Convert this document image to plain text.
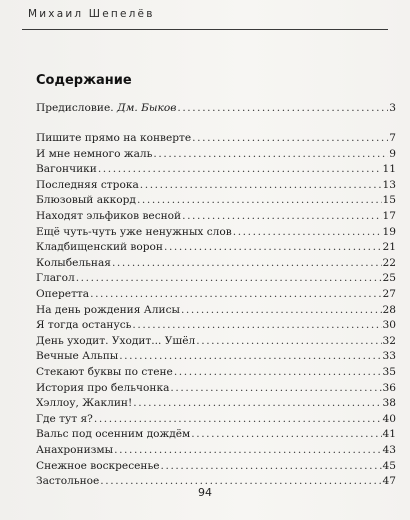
Михаил Шепелёв
Содержание
Предисловие. Дм. Быков .....	3
Пишите прямо на конверте .....	7
И мне немного жаль .....	9
Вагончики .....	11
Последняя строка .....	13
Блюзовый аккорд .....	15
Находят эльфиков весной .....	17
Ещё чуть-чуть уже ненужных слов .....	19
Кладбищенский ворон .....	21
Колыбельная .....	22
Глагол .....	25
Оперетта .....	27
На день рождения Алисы .....	28
Я тогда останусь .....	30
День уходит. Уходит... Ушёл .....	32
Вечные Альпы .....	33
Стекают буквы по стене .....	35
История про бельчонка .....	36
Хэллоу, Жаклин! .....	38
Где тут я? .....	40
Вальс под осенним дождём .....	41
Анахронизмы .....	43
Снежное воскресенье .....	45
Застольное .....	47
94
